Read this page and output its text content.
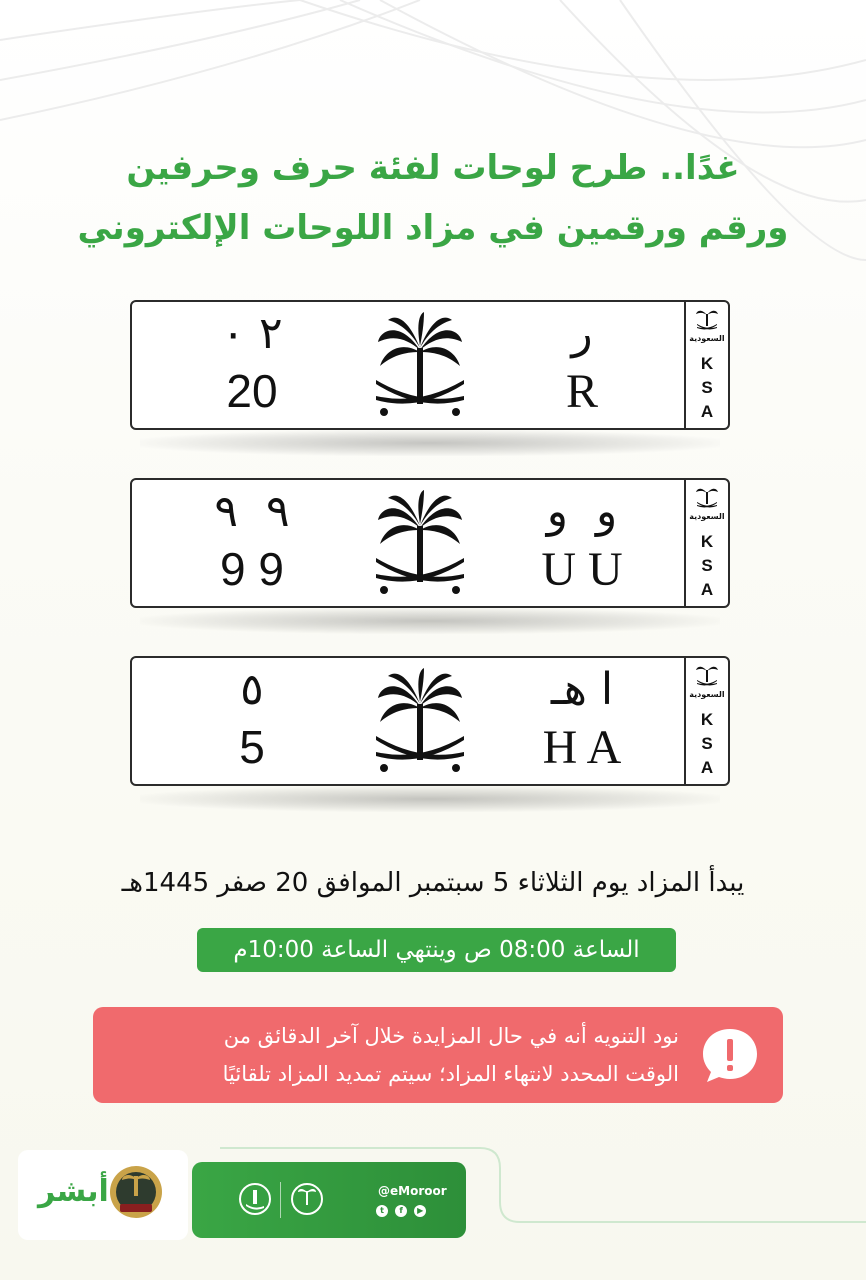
غدًا.. طرح لوحات لفئة حرف وحرفين
ورقم ورقمين في مزاد اللوحات الإلكتروني
٢ ٠
20
ر
R
السعودية
K
S
A
٩  ٩
9 9
و  و
U U
السعودية
K
S
A
٥
5
ا هـ
H A
السعودية
K
S
A
يبدأ المزاد يوم الثلاثاء 5 سبتمبر الموافق 20 صفر 1445هـ
الساعة 08:00 ص وينتهي الساعة 10:00م
نود التنويه أنه في حال المزايدة خلال آخر الدقائق من
الوقت المحدد لانتهاء المزاد؛ سيتم تمديد المزاد تلقائيًا
أبشر	@eMoroor
t
	f
	▶
